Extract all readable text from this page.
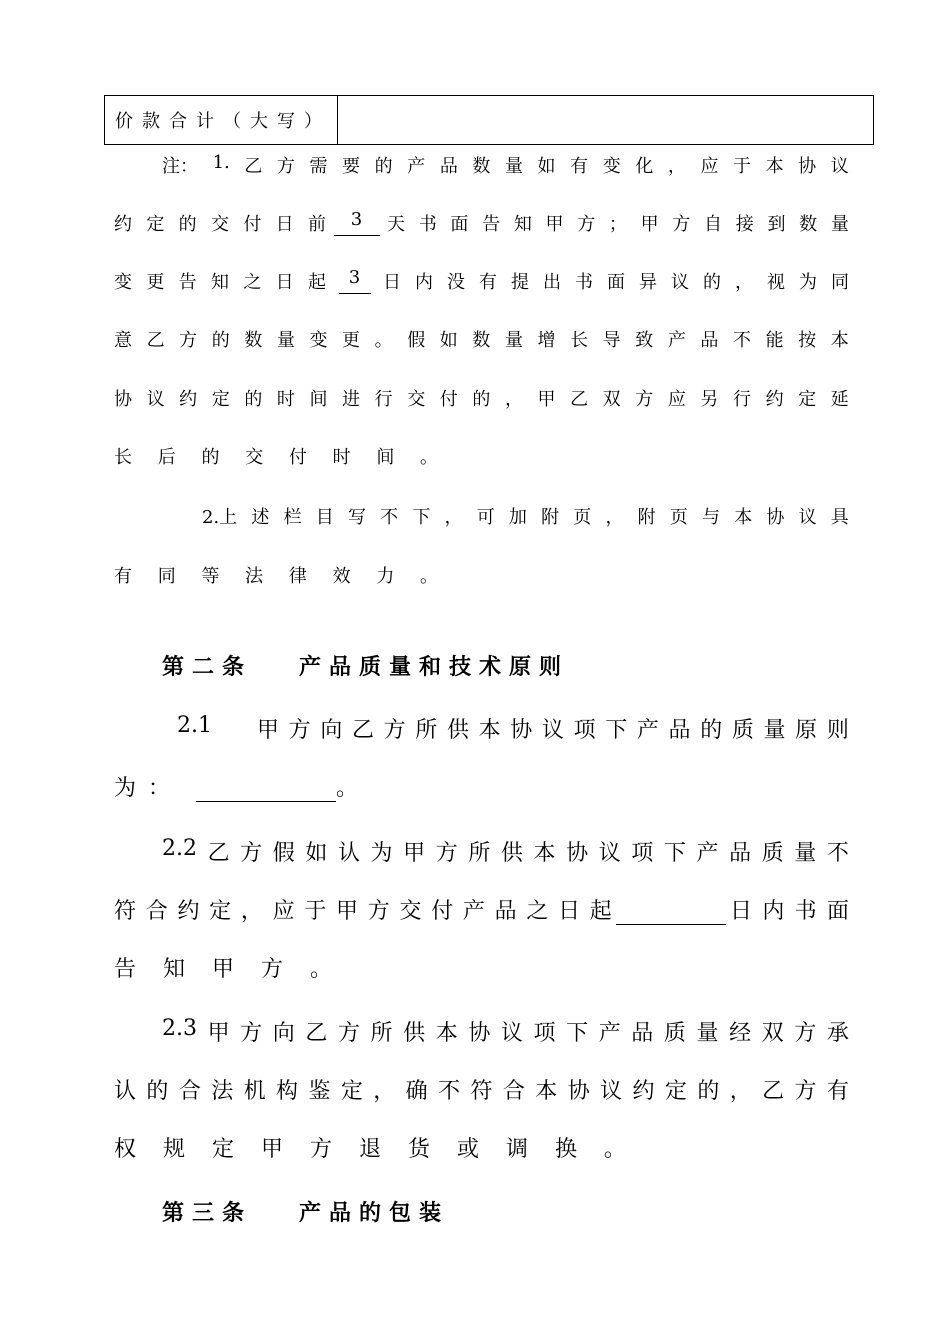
价款合计（大写）
注： 1. 乙 方 需 要 的 产 品 数 量 如 有 变 化 ， 应 于 本 协 议
约 定 的 交 付 日 前	3	天 书 面 告 知 甲 方 ； 甲 方 自 接 到 数 量
变 更 告 知 之 日 起	3	日 内 没 有 提 出 书 面 异 议 的 ， 视 为 同
意 乙 方 的 数 量 变 更 。 假 如 数 量 增 长 导 致 产 品 不 能 按 本
协 议 约 定 的 时 间 进 行 交 付 的 ， 甲 乙 双 方 应 另 行 约 定 延
长 后 的 交 付 时 间 。
2.上 述 栏 目 写 不 下 ， 可 加 附 页 ， 附 页 与 本 协 议 具
有 同 等 法 律 效 力 。
第二条   产品质量和技术原则
2.1	甲 方 向 乙 方 所 供 本 协 议 项 下 产 品 的 质 量 原 则
为：
	。
2.2 乙 方 假 如 认 为 甲 方 所 供 本 协 议 项 下 产 品 质 量 不
符 合 约 定 ， 应 于 甲 方 交 付 产 品 之 日 起
	日 内 书 面
告 知 甲 方 。
2.3 甲 方 向 乙 方 所 供 本 协 议 项 下 产 品 质 量 经 双 方 承
认 的 合 法 机 构 鉴 定 ， 确 不 符 合 本 协 议 约 定 的 ， 乙 方 有
权 规 定 甲 方 退 货 或 调 换 。
第三条   产品的包装
